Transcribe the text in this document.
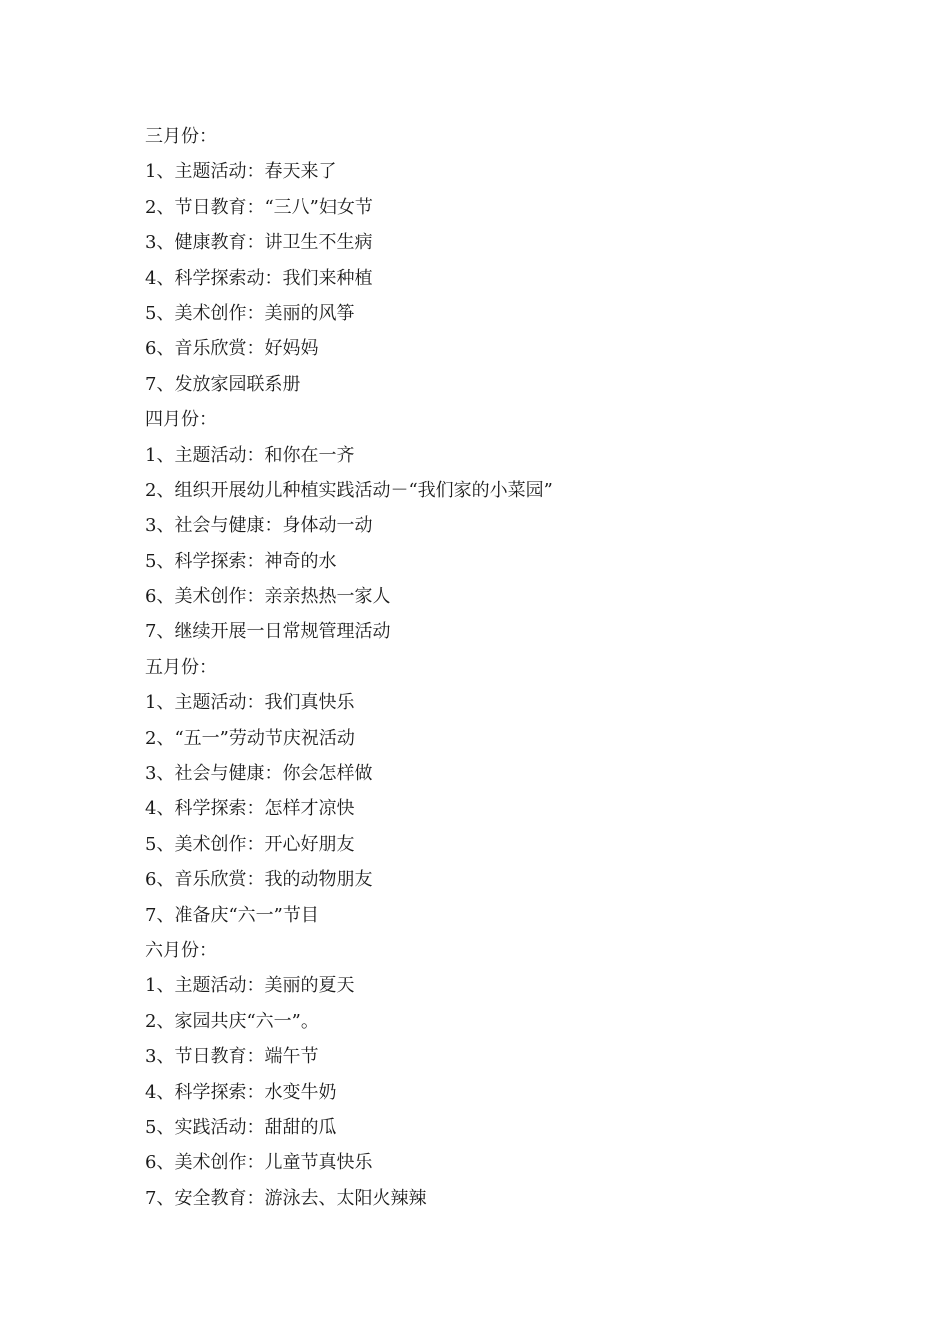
三月份：
1、主题活动：春天来了
2、节日教育：“三八”妇女节
3、健康教育：讲卫生不生病
4、科学探索动：我们来种植
5、美术创作：美丽的风筝
6、音乐欣赏：好妈妈
7、发放家园联系册
四月份：
1、主题活动：和你在一齐
2、组织开展幼儿种植实践活动－“我们家的小菜园”
3、社会与健康：身体动一动
5、科学探索：神奇的水
6、美术创作：亲亲热热一家人
7、继续开展一日常规管理活动
五月份：
1、主题活动：我们真快乐
2、“五一”劳动节庆祝活动
3、社会与健康：你会怎样做
4、科学探索：怎样才凉快
5、美术创作：开心好朋友
6、音乐欣赏：我的动物朋友
7、准备庆“六一”节目
六月份：
1、主题活动：美丽的夏天
2、家园共庆“六一”。
3、节日教育：端午节
4、科学探索：水变牛奶
5、实践活动：甜甜的瓜
6、美术创作：儿童节真快乐
7、安全教育：游泳去、太阳火辣辣
